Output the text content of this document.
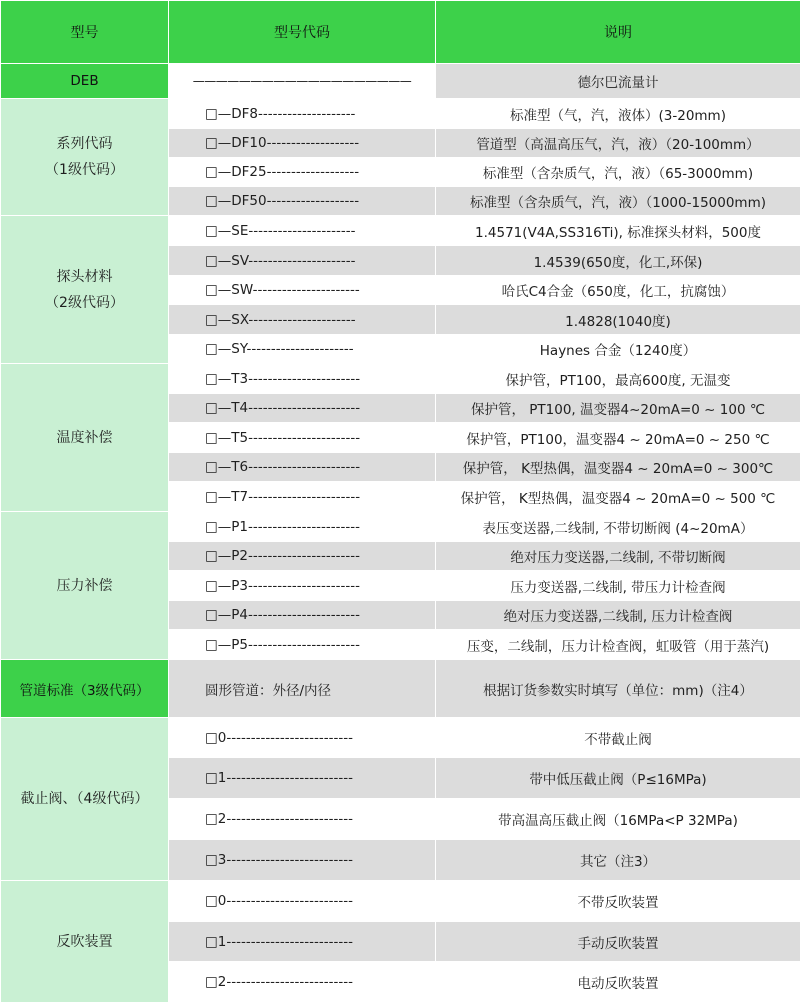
型号	型号代码	说明
DEB	———————————————————	德尔巴流量计

系列代码
（1级代码）	□—DF8--------------------	标准型（气，汽，液体）(3-20mm)
	□—DF10-------------------	管道型（高温高压气，汽，液）（20-100mm）
	□—DF25-------------------	标准型（含杂质气，汽，液）（65-3000mm)
	□—DF50-------------------	标准型（含杂质气，汽，液）（1000-15000mm)

探头材料
（2级代码）	□—SE----------------------	1.4571(V4A,SS316Ti), 标准探头材料，500度
	□—SV----------------------	1.4539(650度，化工,环保)
	□—SW----------------------	哈氏C4合金（650度，化工，抗腐蚀）
	□—SX----------------------	1.4828(1040度)
	□—SY----------------------	Haynes 合金（1240度）

温度补偿	□—T3-----------------------	保护管，PT100，最高600度, 无温变
	□—T4-----------------------	保护管， PT100, 温变器4~20mA=0 ~ 100 ℃
	□—T5-----------------------	保护管，PT100，温变器4 ~ 20mA=0 ~ 250 ℃
	□—T6-----------------------	保护管， K型热偶，温变器4 ~ 20mA=0 ~ 300℃
	□—T7-----------------------	保护管， K型热偶，温变器4 ~ 20mA=0 ~ 500 ℃

压力补偿	□—P1-----------------------	表压变送器,二线制, 不带切断阀 (4~20mA）
	□—P2-----------------------	绝对压力变送器,二线制, 不带切断阀
	□—P3-----------------------	压力变送器,二线制, 带压力计检查阀
	□—P4-----------------------	绝对压力变送器,二线制, 压力计检查阀
	□—P5-----------------------	压变，二线制，压力计检查阀，虹吸管（用于蒸汽)
管道标准（3级代码）	圆形管道：外径/内径	根据订货参数实时填写（单位：mm)（注4）

截止阀、（4级代码）	□0--------------------------	不带截止阀
	□1--------------------------	带中低压截止阀（P≤16MPa)
	□2--------------------------	带高温高压截止阀（16MPa<P 32MPa)
	□3--------------------------	其它（注3）

反吹装置	□0--------------------------	不带反吹装置
	□1--------------------------	手动反吹装置
	□2--------------------------	电动反吹装置
